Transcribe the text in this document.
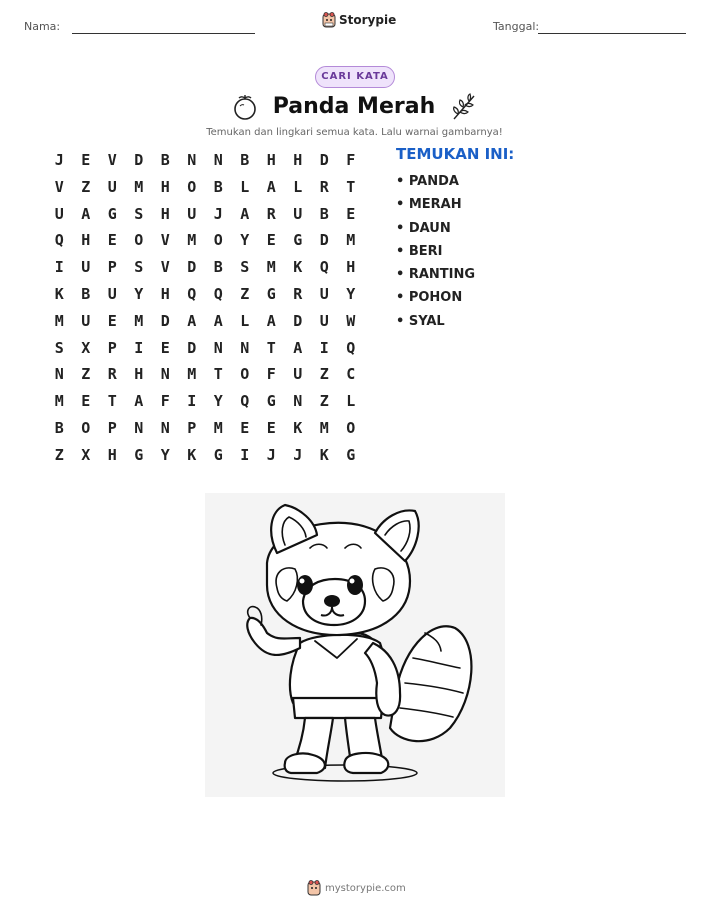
Nama:	Storypie	Tanggal:
CARI KATA
Panda Merah
Temukan dan lingkari semua kata. Lalu warnai gambarnya!
J	E	V	D	B	N	N	B	H	H	D	F
V	Z	U	M	H	O	B	L	A	L	R	T
U	A	G	S	H	U	J	A	R	U	B	E
Q	H	E	O	V	M	O	Y	E	G	D	M
I	U	P	S	V	D	B	S	M	K	Q	H
K	B	U	Y	H	Q	Q	Z	G	R	U	Y
M	U	E	M	D	A	A	L	A	D	U	W
S	X	P	I	E	D	N	N	T	A	I	Q
N	Z	R	H	N	M	T	O	F	U	Z	C
M	E	T	A	F	I	Y	Q	G	N	Z	L
B	O	P	N	N	P	M	E	E	K	M	O
Z	X	H	G	Y	K	G	I	J	J	K	G
TEMUKAN INI:
• PANDA
• MERAH
• DAUN
• BERI
• RANTING
• POHON
• SYAL
mystorypie.com
